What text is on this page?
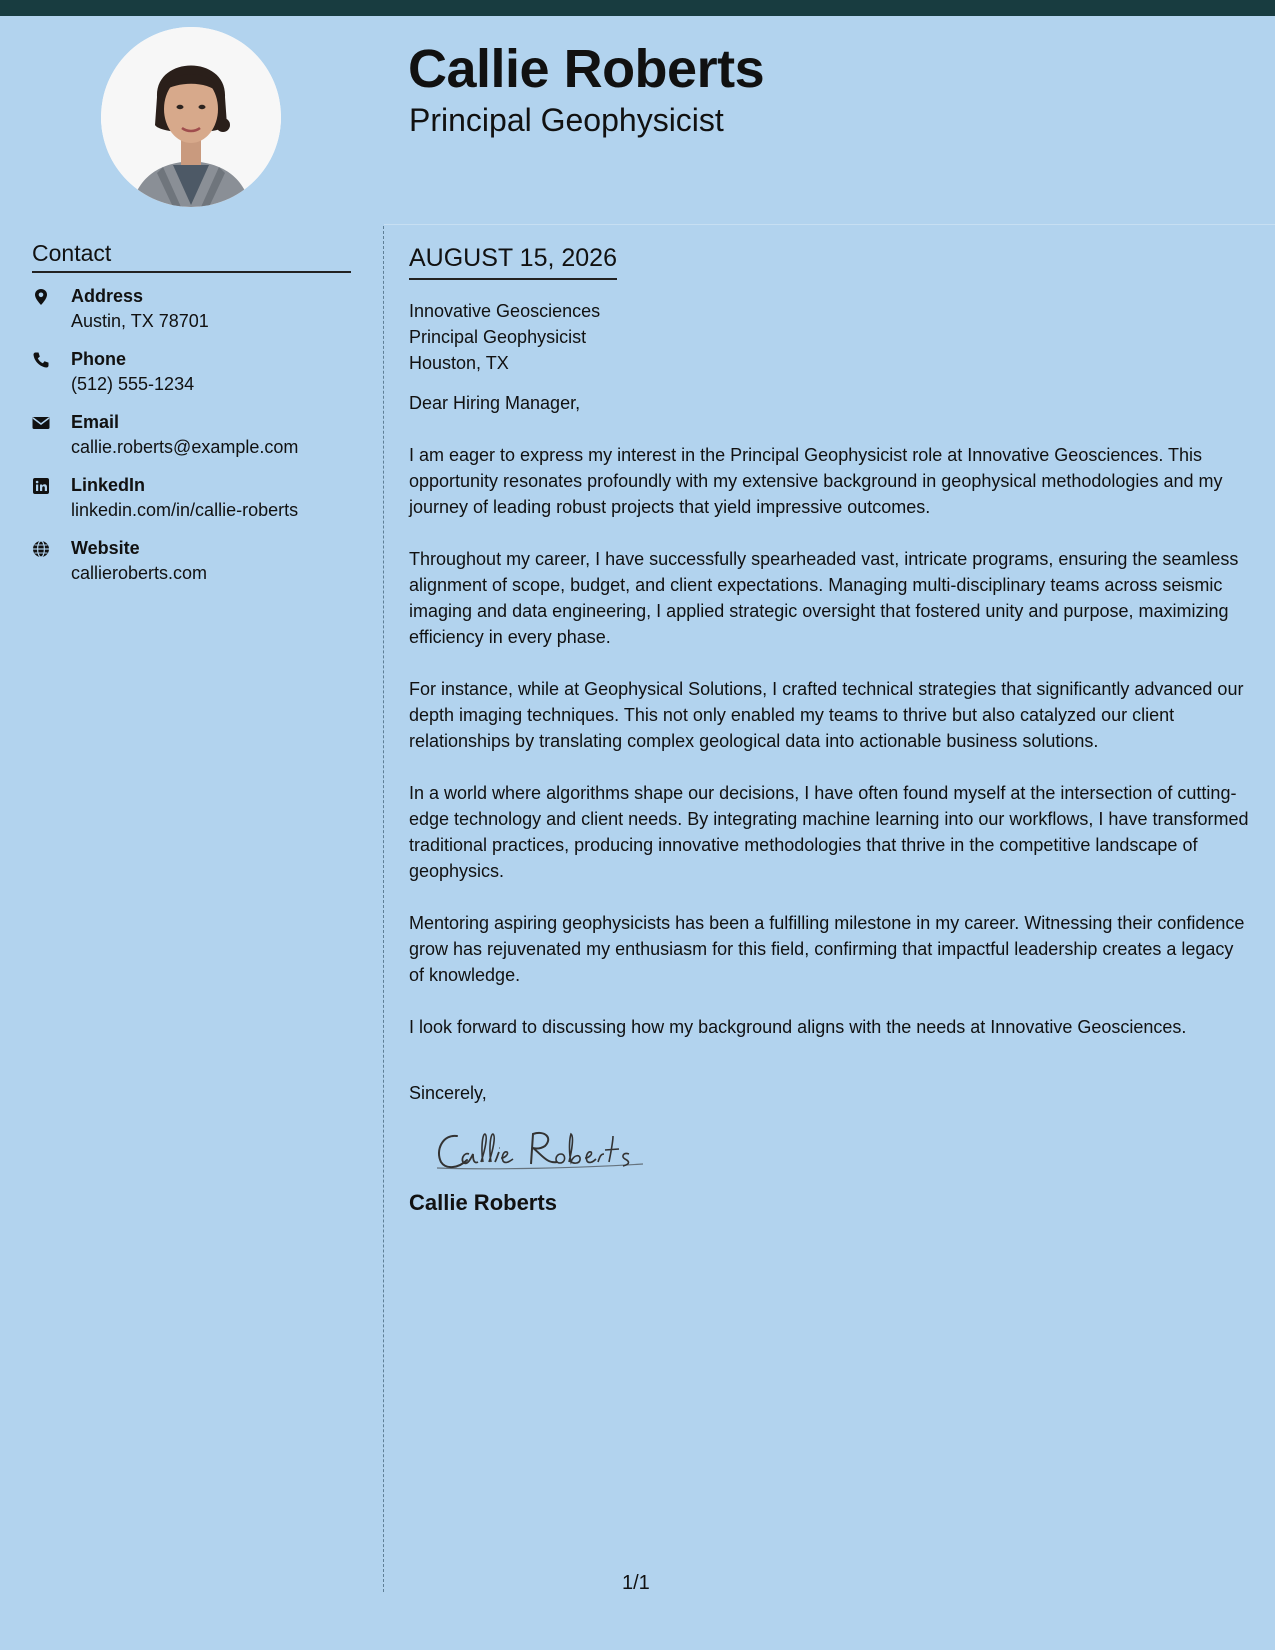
Callie Roberts
Principal Geophysicist
Contact
Address
Austin, TX 78701
Phone
(512) 555-1234
Email
callie.roberts@example.com
LinkedIn
linkedin.com/in/callie-roberts
Website
callieroberts.com
AUGUST 15, 2026

Innovative Geosciences

Principal Geophysicist

Houston, TX

Dear Hiring Manager,

I am eager to express my interest in the Principal Geophysicist role at Innovative Geosciences. This opportunity resonates profoundly with my extensive background in geophysical methodologies and my journey of leading robust projects that yield impressive outcomes.

Throughout my career, I have successfully spearheaded vast, intricate programs, ensuring the seamless alignment of scope, budget, and client expectations. Managing multi-disciplinary teams across seismic imaging and data engineering, I applied strategic oversight that fostered unity and purpose, maximizing efficiency in every phase.

For instance, while at Geophysical Solutions, I crafted technical strategies that significantly advanced our depth imaging techniques. This not only enabled my teams to thrive but also catalyzed our client relationships by translating complex geological data into actionable business solutions.

In a world where algorithms shape our decisions, I have often found myself at the intersection of cutting-edge technology and client needs. By integrating machine learning into our workflows, I have transformed traditional practices, producing innovative methodologies that thrive in the competitive landscape of geophysics.

Mentoring aspiring geophysicists has been a fulfilling milestone in my career. Witnessing their confidence grow has rejuvenated my enthusiasm for this field, confirming that impactful leadership creates a legacy of knowledge.

I look forward to discussing how my background aligns with the needs at Innovative Geosciences.

Sincerely,

Callie Roberts
1/1
